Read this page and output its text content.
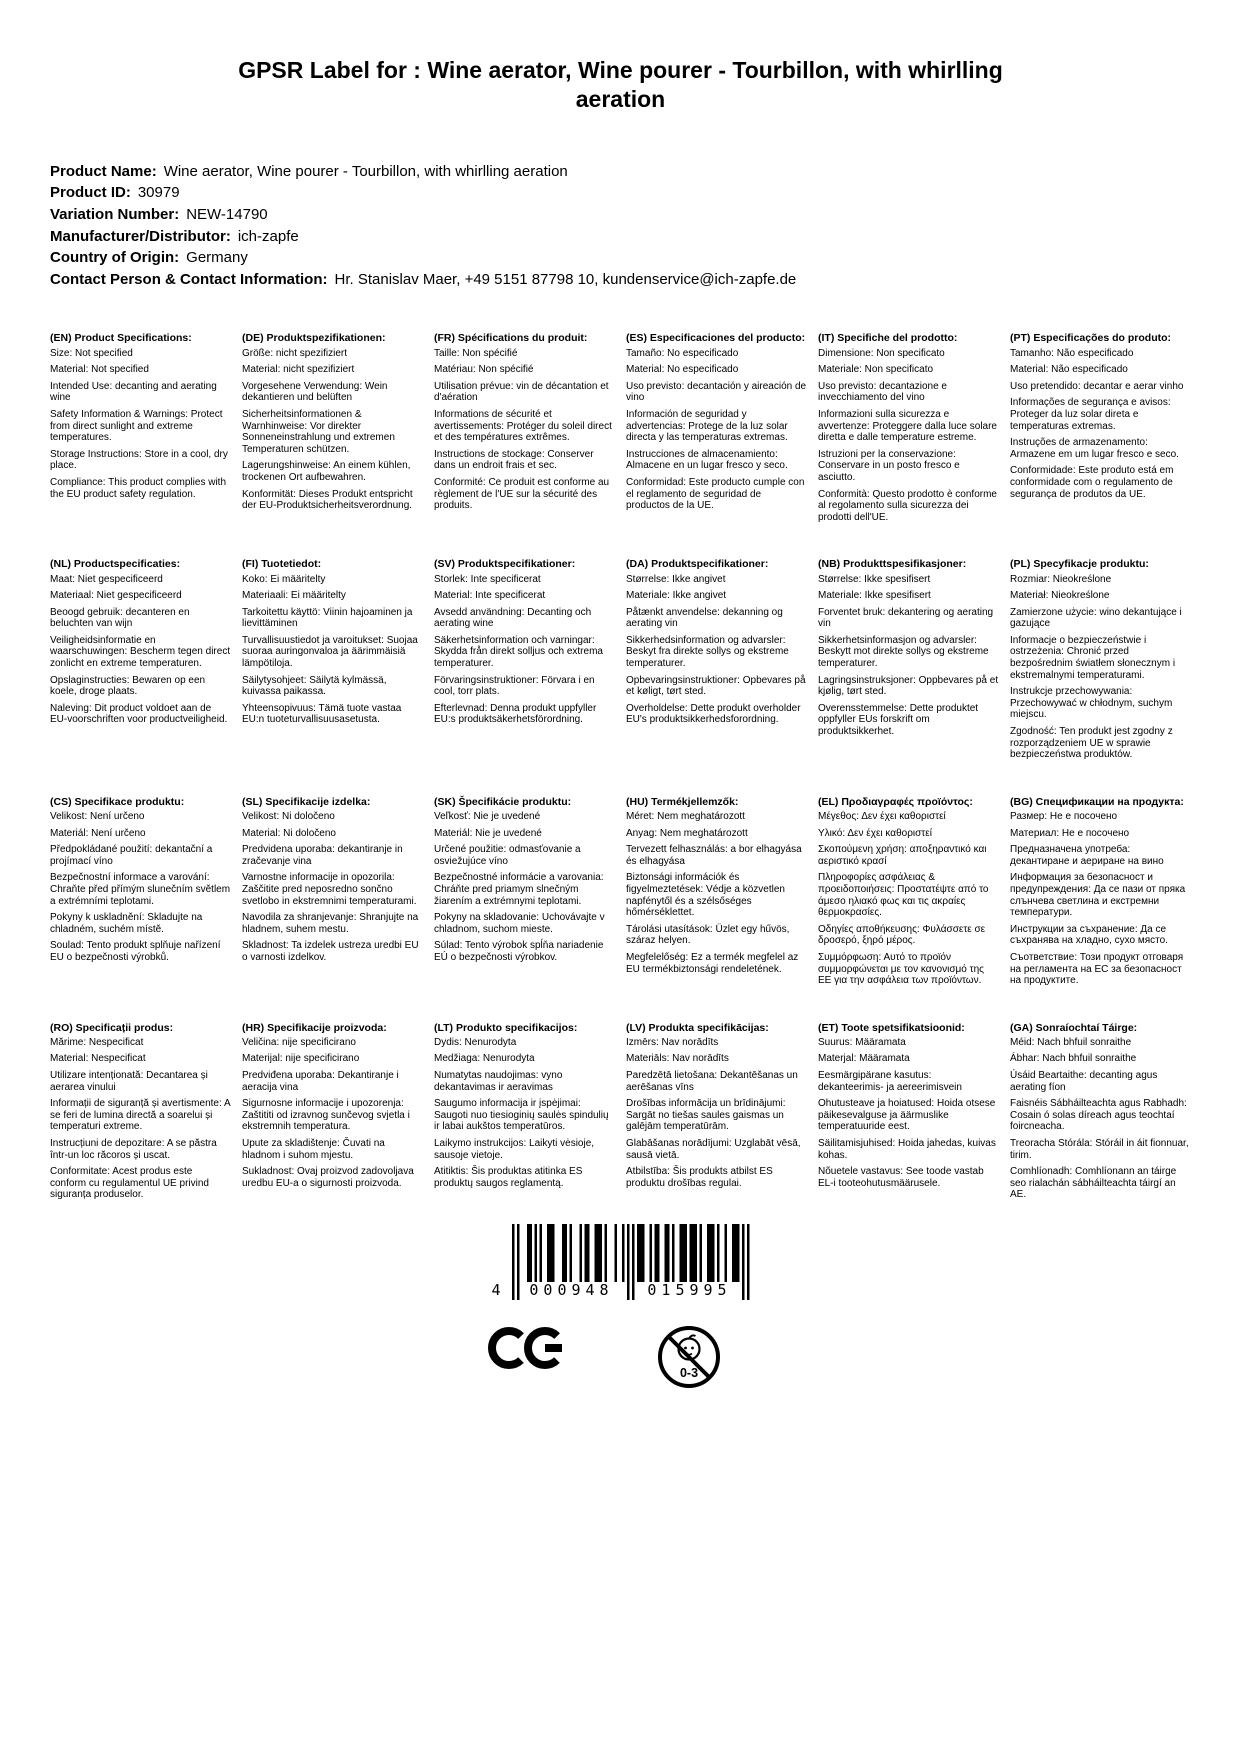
GPSR Label for : Wine aerator, Wine pourer - Tourbillon, with whirlling aeration
Product Name: Wine aerator, Wine pourer - Tourbillon, with whirlling aeration
Product ID: 30979
Variation Number: NEW-14790
Manufacturer/Distributor: ich-zapfe
Country of Origin: Germany
Contact Person & Contact Information: Hr. Stanislav Maer, +49 5151 87798 10, kundenservice@ich-zapfe.de
(EN) Product Specifications:

Size: Not specified

Material: Not specified

Intended Use: decanting and aerating wine

Safety Information & Warnings: Protect from direct sunlight and extreme temperatures.

Storage Instructions: Store in a cool, dry place.

Compliance: This product complies with the EU product safety regulation.

(DE) Produktspezifikationen:

Größe: nicht spezifiziert

Material: nicht spezifiziert

Vorgesehene Verwendung: Wein dekantieren und belüften

Sicherheitsinformationen & Warnhinweise: Vor direkter Sonneneinstrahlung und extremen Temperaturen schützen.

Lagerungshinweise: An einem kühlen, trockenen Ort aufbewahren.

Konformität: Dieses Produkt entspricht der EU-Produktsicherheitsverordnung.

(FR) Spécifications du produit:

Taille: Non spécifié

Matériau: Non spécifié

Utilisation prévue: vin de décantation et d'aération

Informations de sécurité et avertissements: Protéger du soleil direct et des températures extrêmes.

Instructions de stockage: Conserver dans un endroit frais et sec.

Conformité: Ce produit est conforme au règlement de l'UE sur la sécurité des produits.

(ES) Especificaciones del producto:

Tamaño: No especificado

Material: No especificado

Uso previsto: decantación y aireación de vino

Información de seguridad y advertencias: Protege de la luz solar directa y las temperaturas extremas.

Instrucciones de almacenamiento: Almacene en un lugar fresco y seco.

Conformidad: Este producto cumple con el reglamento de seguridad de productos de la UE.

(IT) Specifiche del prodotto:

Dimensione: Non specificato

Materiale: Non specificato

Uso previsto: decantazione e invecchiamento del vino

Informazioni sulla sicurezza e avvertenze: Proteggere dalla luce solare diretta e dalle temperature estreme.

Istruzioni per la conservazione: Conservare in un posto fresco e asciutto.

Conformità: Questo prodotto è conforme al regolamento sulla sicurezza dei prodotti dell'UE.

(PT) Especificações do produto:

Tamanho: Não especificado

Material: Não especificado

Uso pretendido: decantar e aerar vinho

Informações de segurança e avisos: Proteger da luz solar direta e temperaturas extremas.

Instruções de armazenamento: Armazene em um lugar fresco e seco.

Conformidade: Este produto está em conformidade com o regulamento de segurança de produtos da UE.

(NL) Productspecificaties:

Maat: Niet gespecificeerd

Materiaal: Niet gespecificeerd

Beoogd gebruik: decanteren en beluchten van wijn

Veiligheidsinformatie en waarschuwingen: Bescherm tegen direct zonlicht en extreme temperaturen.

Opslaginstructies: Bewaren op een koele, droge plaats.

Naleving: Dit product voldoet aan de EU-voorschriften voor productveiligheid.

(FI) Tuotetiedot:

Koko: Ei määritelty

Materiaali: Ei määritelty

Tarkoitettu käyttö: Viinin hajoaminen ja lievittäminen

Turvallisuustiedot ja varoitukset: Suojaa suoraa auringonvaloa ja äärimmäisiä lämpötiloja.

Säilytysohjeet: Säilytä kylmässä, kuivassa paikassa.

Yhteensopivuus: Tämä tuote vastaa EU:n tuoteturvallisuusasetusta.

(SV) Produktspecifikationer:

Storlek: Inte specificerat

Material: Inte specificerat

Avsedd användning: Decanting och aerating wine

Säkerhetsinformation och varningar: Skydda från direkt solljus och extrema temperaturer.

Förvaringsinstruktioner: Förvara i en cool, torr plats.

Efterlevnad: Denna produkt uppfyller EU:s produktsäkerhetsförordning.

(DA) Produktspecifikationer:

Størrelse: Ikke angivet

Materiale: Ikke angivet

Påtænkt anvendelse: dekanning og aerating vin

Sikkerhedsinformation og advarsler: Beskyt fra direkte sollys og ekstreme temperaturer.

Opbevaringsinstruktioner: Opbevares på et køligt, tørt sted.

Overholdelse: Dette produkt overholder EU's produktsikkerhedsforordning.

(NB) Produkttspesifikasjoner:

Størrelse: Ikke spesifisert

Materiale: Ikke spesifisert

Forventet bruk: dekantering og aerating vin

Sikkerhetsinformasjon og advarsler: Beskytt mot direkte sollys og ekstreme temperaturer.

Lagringsinstruksjoner: Oppbevares på et kjølig, tørt sted.

Overensstemmelse: Dette produktet oppfyller EUs forskrift om produktsikkerhet.

(PL) Specyfikacje produktu:

Rozmiar: Nieokreślone

Materiał: Nieokreślone

Zamierzone użycie: wino dekantujące i gazujące

Informacje o bezpieczeństwie i ostrzeżenia: Chronić przed bezpośrednim światłem słonecznym i ekstremalnymi temperaturami.

Instrukcje przechowywania: Przechowywać w chłodnym, suchym miejscu.

Zgodność: Ten produkt jest zgodny z rozporządzeniem UE w sprawie bezpieczeństwa produktów.

(CS) Specifikace produktu:

Velikost: Není určeno

Materiál: Není určeno

Předpokládané použití: dekantační a projímací víno

Bezpečnostní informace a varování: Chraňte před přímým slunečním světlem a extrémními teplotami.

Pokyny k uskladnění: Skladujte na chladném, suchém místě.

Soulad: Tento produkt splňuje nařízení EU o bezpečnosti výrobků.

(SL) Specifikacije izdelka:

Velikost: Ni določeno

Material: Ni določeno

Predvidena uporaba: dekantiranje in zračevanje vina

Varnostne informacije in opozorila: Zaščitite pred neposredno sončno svetlobo in ekstremnimi temperaturami.

Navodila za shranjevanje: Shranjujte na hladnem, suhem mestu.

Skladnost: Ta izdelek ustreza uredbi EU o varnosti izdelkov.

(SK) Špecifikácie produktu:

Veľkosť: Nie je uvedené

Materiál: Nie je uvedené

Určené použitie: odmasťovanie a osviežujúce víno

Bezpečnostné informácie a varovania: Chráňte pred priamym slnečným žiarením a extrémnymi teplotami.

Pokyny na skladovanie: Uchovávajte v chladnom, suchom mieste.

Súlad: Tento výrobok spĺňa nariadenie EÚ o bezpečnosti výrobkov.

(HU) Termékjellemzők:

Méret: Nem meghatározott

Anyag: Nem meghatározott

Tervezett felhasználás: a bor elhagyása és elhagyása

Biztonsági információk és figyelmeztetések: Védje a közvetlen napfénytől és a szélsőséges hőmérséklettet.

Tárolási utasítások: Üzlet egy hűvös, száraz helyen.

Megfelelőség: Ez a termék megfelel az EU termékbiztonsági rendeletének.

(EL) Προδιαγραφές προϊόντος:

Μέγεθος: Δεν έχει καθοριστεί

Υλικό: Δεν έχει καθοριστεί

Σκοπούμενη χρήση: αποξηραντικό και αεριστικό κρασί

Πληροφορίες ασφάλειας & προειδοποιήσεις: Προστατέψτε από το άμεσο ηλιακό φως και τις ακραίες θερμοκρασίες.

Οδηγίες αποθήκευσης: Φυλάσσετε σε δροσερό, ξηρό μέρος.

Συμμόρφωση: Αυτό το προϊόν συμμορφώνεται με τον κανονισμό της ΕΕ για την ασφάλεια των προϊόντων.

(BG) Спецификации на продукта:

Размер: Не е посочено

Материал: Не е посочено

Предназначена употреба: декантиране и аериране на вино

Информация за безопасност и предупреждения: Да се пази от пряка слънчева светлина и екстремни температури.

Инструкции за съхранение: Да се съхранява на хладно, сухо място.

Съответствие: Този продукт отговаря на регламента на ЕС за безопасност на продуктите.

(RO) Specificații produs:

Mărime: Nespecificat

Material: Nespecificat

Utilizare intenționată: Decantarea și aerarea vinului

Informații de siguranță și avertismente: A se feri de lumina directă a soarelui și temperaturi extreme.

Instrucțiuni de depozitare: A se păstra într-un loc răcoros și uscat.

Conformitate: Acest produs este conform cu regulamentul UE privind siguranța produselor.

(HR) Specifikacije proizvoda:

Veličina: nije specificirano

Materijal: nije specificirano

Predviđena uporaba: Dekantiranje i aeracija vina

Sigurnosne informacije i upozorenja: Zaštititi od izravnog sunčevog svjetla i ekstremnih temperatura.

Upute za skladištenje: Čuvati na hladnom i suhom mjestu.

Sukladnost: Ovaj proizvod zadovoljava uredbu EU-a o sigurnosti proizvoda.

(LT) Produkto specifikacijos:

Dydis: Nenurodyta

Medžiaga: Nenurodyta

Numatytas naudojimas: vyno dekantavimas ir aeravimas

Saugumo informacija ir įspėjimai: Saugoti nuo tiesioginių saulės spindulių ir labai aukštos temperatūros.

Laikymo instrukcijos: Laikyti vėsioje, sausoje vietoje.

Atitiktis: Šis produktas atitinka ES produktų saugos reglamentą.

(LV) Produkta specifikācijas:

Izmērs: Nav norādīts

Materiāls: Nav norādīts

Paredzētā lietošana: Dekantēšanas un aerēšanas vīns

Drošības informācija un brīdinājumi: Sargāt no tiešas saules gaismas un galējām temperatūrām.

Glabāšanas norādījumi: Uzglabāt vēsā, sausā vietā.

Atbilstība: Šis produkts atbilst ES produktu drošības regulai.

(ET) Toote spetsifikatsioonid:

Suurus: Määramata

Materjal: Määramata

Eesmärgipärane kasutus: dekanteerimis- ja aereerimisvein

Ohutusteave ja hoiatused: Hoida otsese päikesevalguse ja äärmuslike temperatuuride eest.

Säilitamisjuhised: Hoida jahedas, kuivas kohas.

Nõuetele vastavus: See toode vastab EL-i tooteohutusmäärusele.

(GA) Sonraíochtaí Táirge:

Méid: Nach bhfuil sonraithe

Ábhar: Nach bhfuil sonraithe

Úsáid Beartaithe: decanting agus aerating fíon

Faisnéis Sábháilteachta agus Rabhadh: Cosain ó solas díreach agus teochtaí foircneacha.

Treoracha Stórála: Stóráil in áit fionnuar, tirim.

Comhlíonadh: Comhlíonann an táirge seo rialachán sábháilteachta táirgí an AE.

4 000948 015995
0-3
